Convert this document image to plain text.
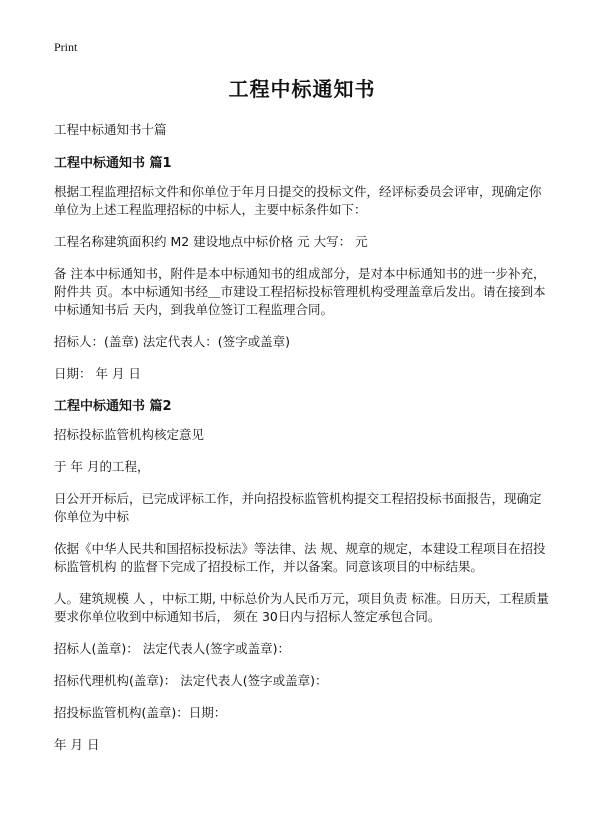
Print
工程中标通知书
工程中标通知书十篇
工程中标通知书 篇1
根据工程监理招标文件和你单位于年月日提交的投标文件，经评标委员会评审，现确定你单位为上述工程监理招标的中标人，主要中标条件如下：
工程名称建筑面积约 M2 建设地点中标价格 元 大写： 元
备 注本中标通知书，附件是本中标通知书的组成部分，是对本中标通知书的进一步补充，附件共 页。本中标通知书经＿市建设工程招标投标管理机构受理盖章后发出。请在接到本中标通知书后 天内，到我单位签订工程监理合同。
招标人：(盖章) 法定代表人：(签字或盖章)
日期： 年 月 日
工程中标通知书 篇2
招标投标监管机构核定意见
于 年 月的工程，
日公开开标后，已完成评标工作，并向招投标监管机构提交工程招投标书面报告，现确定你单位为中标
依据《中华人民共和国招标投标法》等法律、法 规、规章的规定，本建设工程项目在招投标监管机构 的监督下完成了招投标工作，并以备案。同意该项目的中标结果。
人。建筑规模 人 ，中标工期, 中标总价为人民币万元，项目负责 标准。日历天，工程质量要求你单位收到中标通知书后， 须在 30日内与招标人签定承包合同。
招标人(盖章)： 法定代表人(签字或盖章)：
招标代理机构(盖章)： 法定代表人(签字或盖章)：
招投标监管机构(盖章)：日期：
年 月 日
